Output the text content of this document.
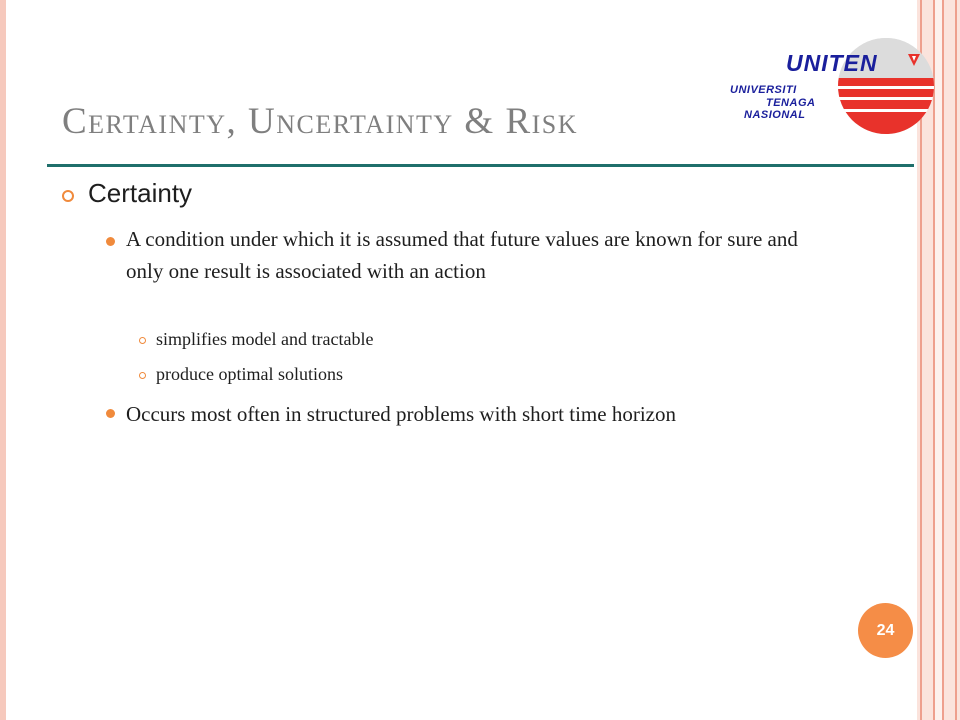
Certainty, Uncertainty & Risk
UNITEN
UNIVERSITI
TENAGA
NASIONAL
Certainty
A condition under which it is assumed that future values are known for sure and only one result is associated with an action
simplifies model and tractable
produce optimal solutions
Occurs most often in structured problems with short time horizon
24
